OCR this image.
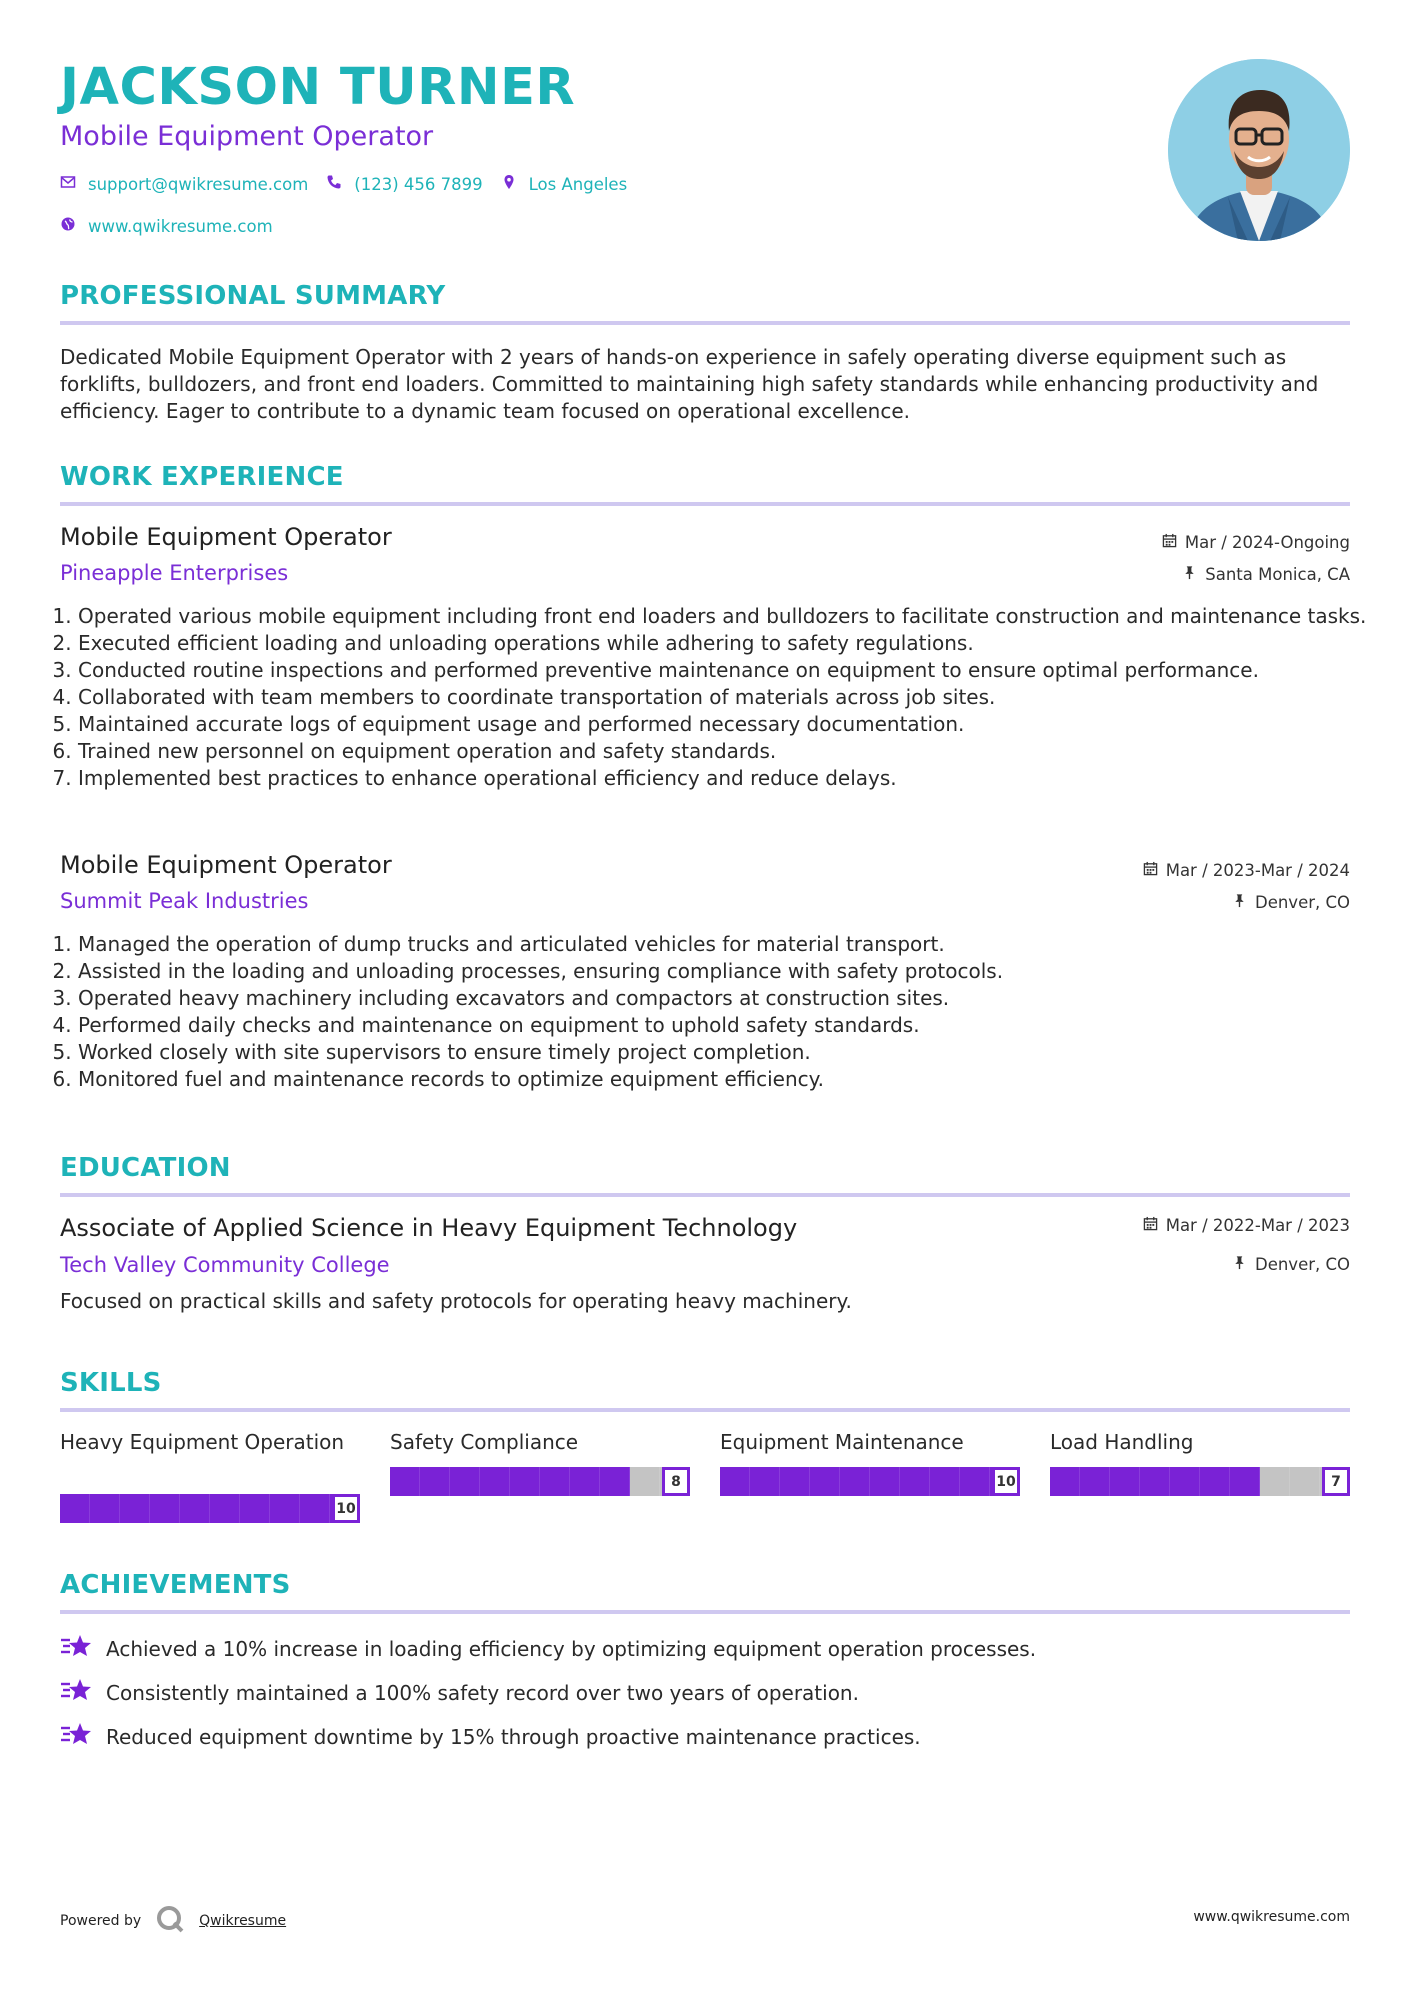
JACKSON TURNER
Mobile Equipment Operator
support@qwikresume.com	(123) 456 7899	Los Angeles
www.qwikresume.com
PROFESSIONAL SUMMARY
Dedicated Mobile Equipment Operator with 2 years of hands-on experience in safely operating diverse equipment such as forklifts, bulldozers, and front end loaders. Committed to maintaining high safety standards while enhancing productivity and efficiency. Eager to contribute to a dynamic team focused on operational excellence.
WORK EXPERIENCE
Mobile Equipment Operator	Mar / 2024-Ongoing
Pineapple Enterprises	Santa Monica, CA
1. Operated various mobile equipment including front end loaders and bulldozers to facilitate construction and maintenance tasks.
2. Executed efficient loading and unloading operations while adhering to safety regulations.
3. Conducted routine inspections and performed preventive maintenance on equipment to ensure optimal performance.
4. Collaborated with team members to coordinate transportation of materials across job sites.
5. Maintained accurate logs of equipment usage and performed necessary documentation.
6. Trained new personnel on equipment operation and safety standards.
7. Implemented best practices to enhance operational efficiency and reduce delays.
Mobile Equipment Operator	Mar / 2023-Mar / 2024
Summit Peak Industries	Denver, CO
1. Managed the operation of dump trucks and articulated vehicles for material transport.
2. Assisted in the loading and unloading processes, ensuring compliance with safety protocols.
3. Operated heavy machinery including excavators and compactors at construction sites.
4. Performed daily checks and maintenance on equipment to uphold safety standards.
5. Worked closely with site supervisors to ensure timely project completion.
6. Monitored fuel and maintenance records to optimize equipment efficiency.
EDUCATION
Associate of Applied Science in Heavy Equipment Technology	Mar / 2022-Mar / 2023
Tech Valley Community College	Denver, CO
Focused on practical skills and safety protocols for operating heavy machinery.
SKILLS
Heavy Equipment Operation
10
Safety Compliance
8
Equipment Maintenance
10
Load Handling
7
ACHIEVEMENTS
Achieved a 10% increase in loading efficiency by optimizing equipment operation processes.
Consistently maintained a 100% safety record over two years of operation.
Reduced equipment downtime by 15% through proactive maintenance practices.
Powered by	Qwikresume	www.qwikresume.com
